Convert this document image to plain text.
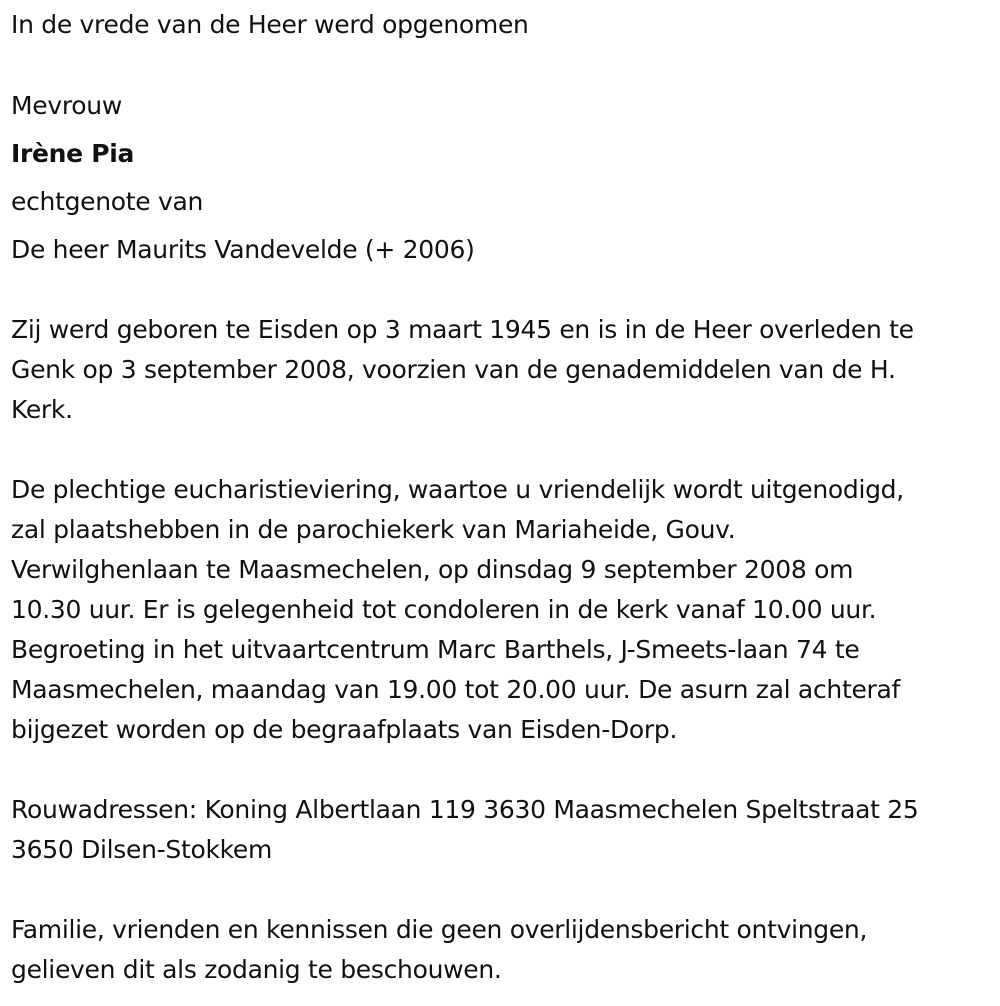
In de vrede van de Heer werd opgenomen
Mevrouw
Irène Pia
echtgenote van
De heer Maurits Vandevelde (+ 2006)
Zij werd geboren te Eisden op 3 maart 1945 en is in de Heer overleden te
Genk op 3 september 2008, voorzien van de genademiddelen van de H.
Kerk.
De plechtige eucharistieviering, waartoe u vriendelijk wordt uitgenodigd,
zal plaatshebben in de parochiekerk van Mariaheide, Gouv.
Verwilghenlaan te Maasmechelen, op dinsdag 9 september 2008 om
10.30 uur. Er is gelegenheid tot condoleren in de kerk vanaf 10.00 uur.
Begroeting in het uitvaartcentrum Marc Barthels, J-Smeets-laan 74 te
Maasmechelen, maandag van 19.00 tot 20.00 uur. De asurn zal achteraf
bijgezet worden op de begraafplaats van Eisden-Dorp.
Rouwadressen: Koning Albertlaan 119 3630 Maasmechelen Speltstraat 25
3650 Dilsen-Stokkem
Familie, vrienden en kennissen die geen overlijdensbericht ontvingen,
gelieven dit als zodanig te beschouwen.
